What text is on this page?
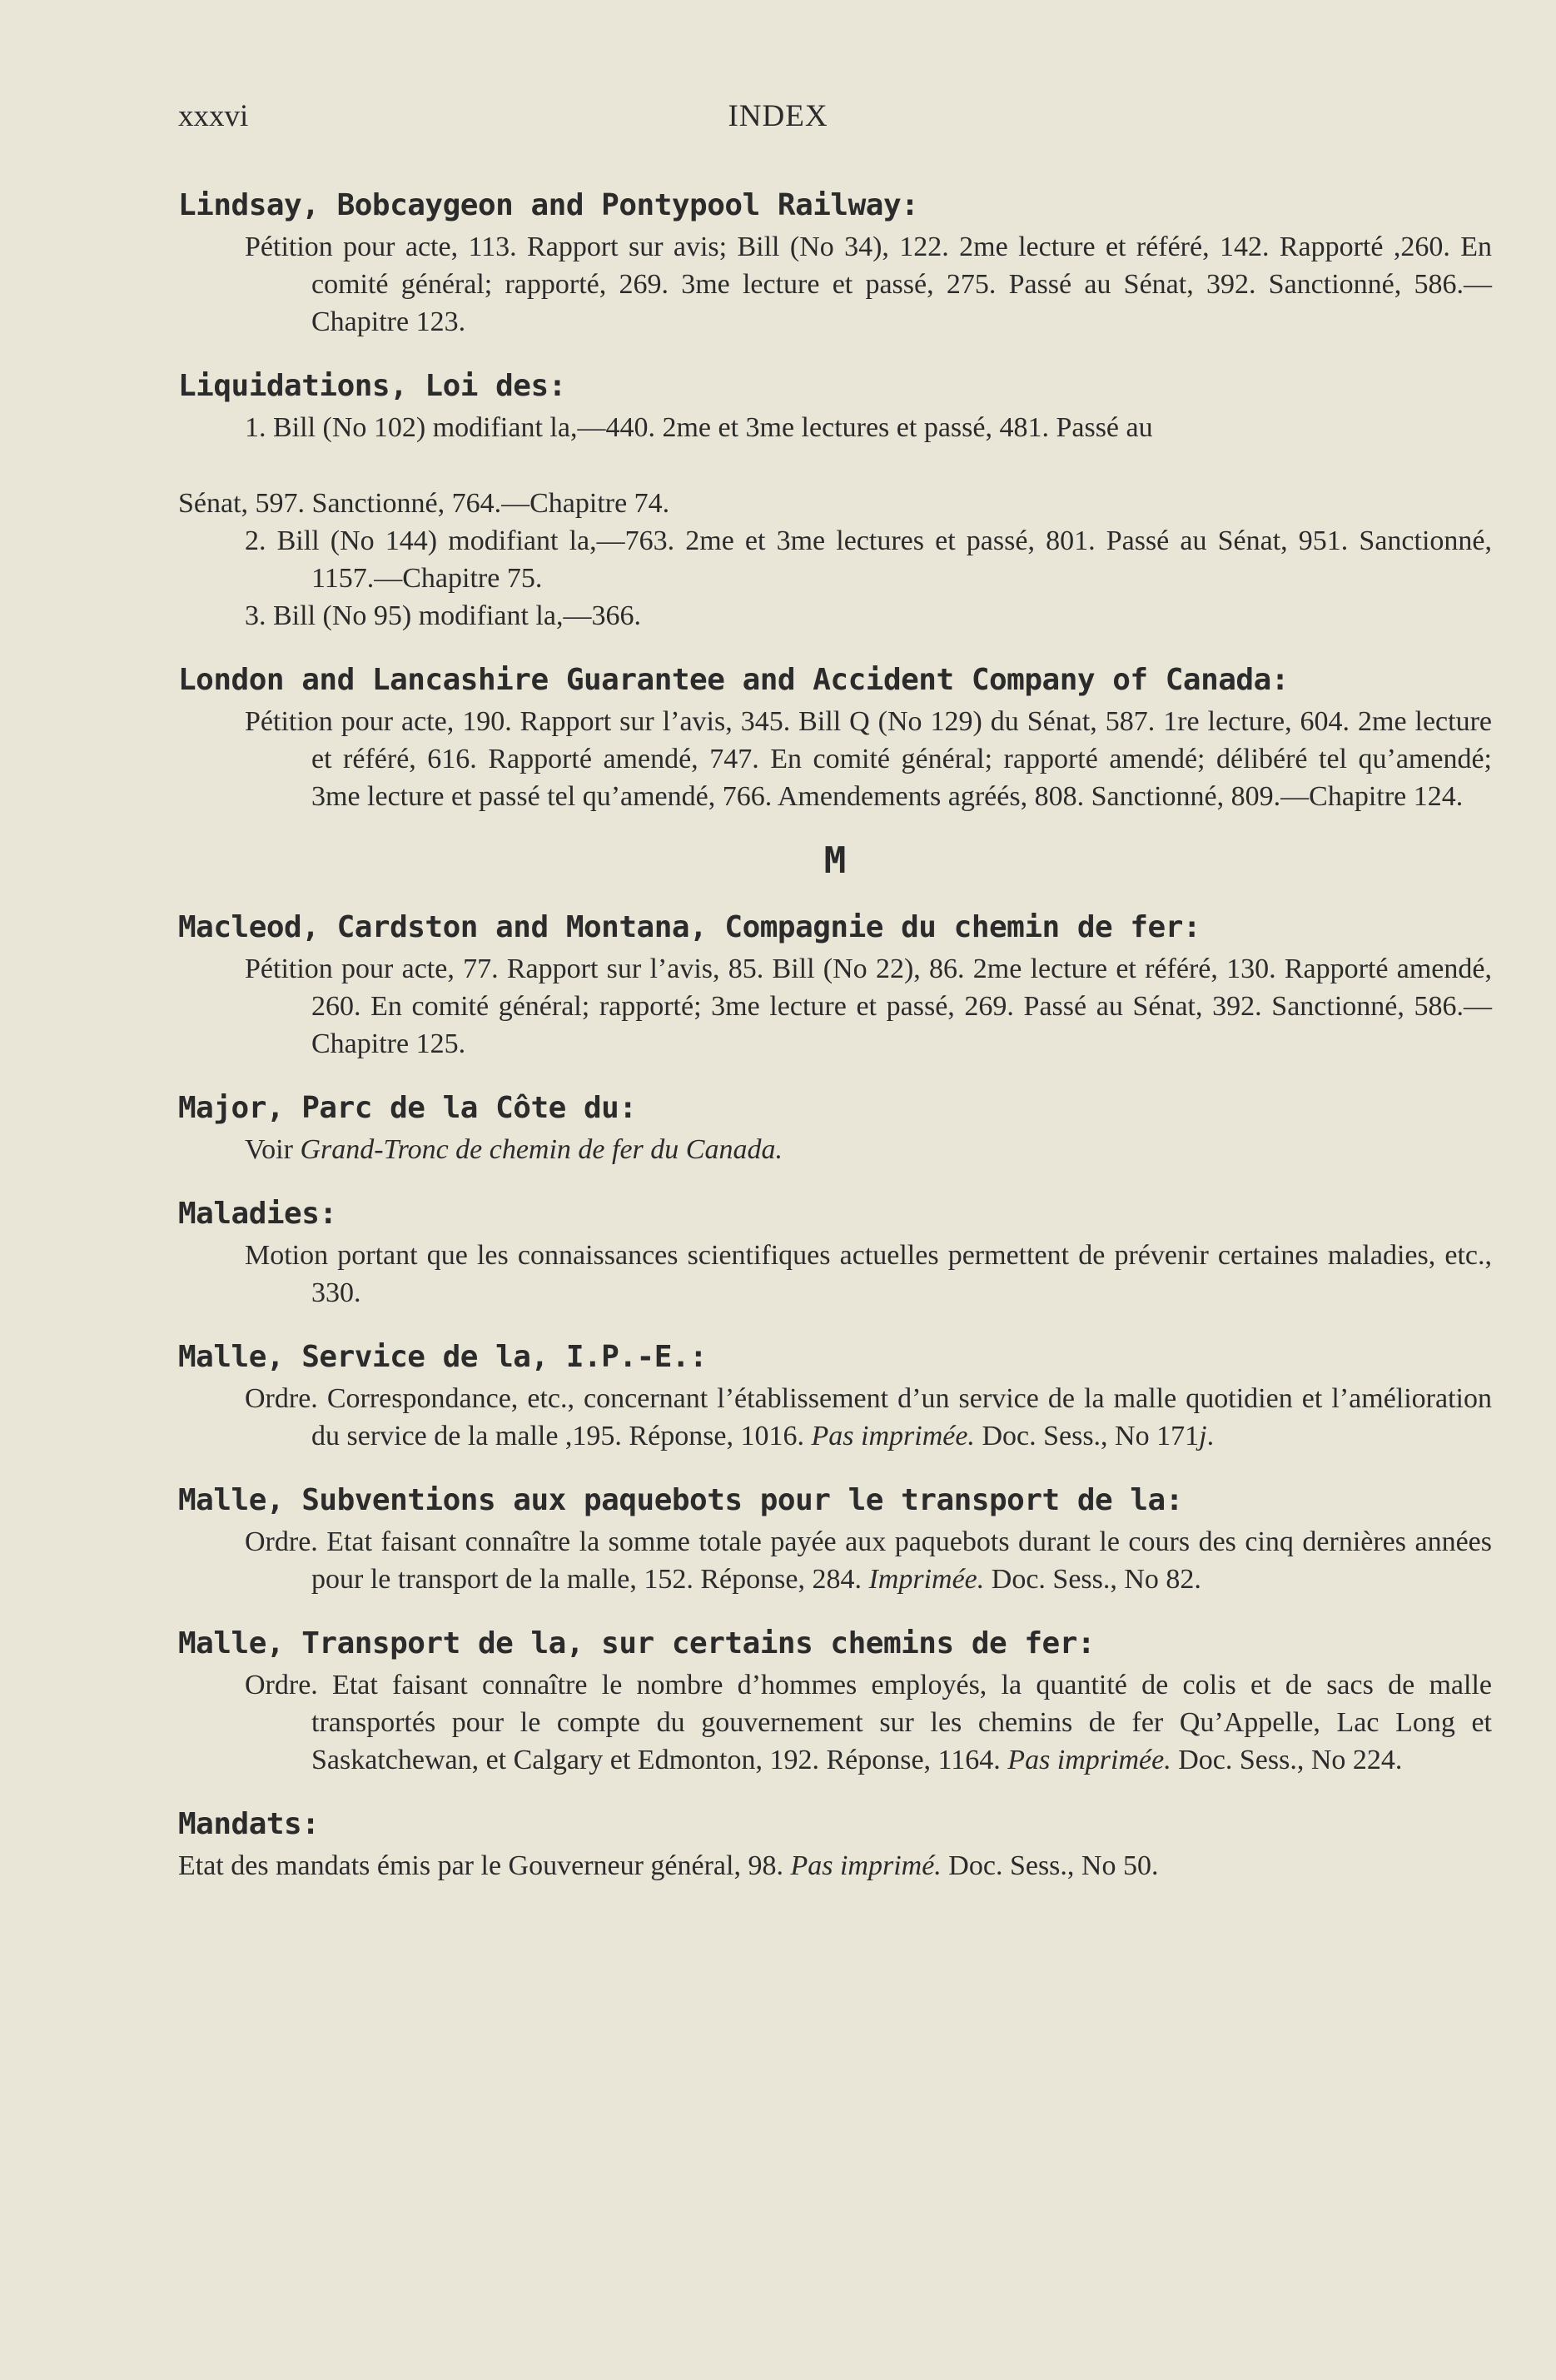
xxxvi	INDEX
Lindsay, Bobcaygeon and Pontypool Railway:

Pétition pour acte, 113. Rapport sur avis; Bill (No 34), 122. 2me lecture et référé, 142. Rapporté ,260. En comité général; rapporté, 269. 3me lecture et passé, 275. Passé au Sénat, 392. Sanctionné, 586.—Chapitre 123.

Liquidations, Loi des:

1. Bill (No 102) modifiant la,—440. 2me et 3me lectures et passé, 481. Passé au

Sénat, 597. Sanctionné, 764.—Chapitre 74.

2. Bill (No 144) modifiant la,—763. 2me et 3me lectures et passé, 801. Passé au Sénat, 951. Sanctionné, 1157.—Chapitre 75.

3. Bill (No 95) modifiant la,—366.

London and Lancashire Guarantee and Accident Company of Canada:

Pétition pour acte, 190. Rapport sur l’avis, 345. Bill Q (No 129) du Sénat, 587. 1re lecture, 604. 2me lecture et référé, 616. Rapporté amendé, 747. En comité général; rapporté amendé; délibéré tel qu’amendé; 3me lecture et passé tel qu’amendé, 766. Amendements agréés, 808. Sanctionné, 809.—Chapitre 124.

M
Macleod, Cardston and Montana, Compagnie du chemin de fer:

Pétition pour acte, 77. Rapport sur l’avis, 85. Bill (No 22), 86. 2me lecture et référé, 130. Rapporté amendé, 260. En comité général; rapporté; 3me lecture et passé, 269. Passé au Sénat, 392. Sanctionné, 586.—Chapitre 125.

Major, Parc de la Côte du:

Voir Grand-Tronc de chemin de fer du Canada.

Maladies:

Motion portant que les connaissances scientifiques actuelles permettent de prévenir certaines maladies, etc., 330.

Malle, Service de la, I.P.-E.:

Ordre. Correspondance, etc., concernant l’établissement d’un service de la malle quotidien et l’amélioration du service de la malle ,195. Réponse, 1016. Pas imprimée. Doc. Sess., No 171j.

Malle, Subventions aux paquebots pour le transport de la:

Ordre. Etat faisant connaître la somme totale payée aux paquebots durant le cours des cinq dernières années pour le transport de la malle, 152. Réponse, 284. Imprimée. Doc. Sess., No 82.

Malle, Transport de la, sur certains chemins de fer:

Ordre. Etat faisant connaître le nombre d’hommes employés, la quantité de colis et de sacs de malle transportés pour le compte du gouvernement sur les chemins de fer Qu’Appelle, Lac Long et Saskatchewan, et Calgary et Edmonton, 192. Réponse, 1164. Pas imprimée. Doc. Sess., No 224.

Mandats:

Etat des mandats émis par le Gouverneur général, 98. Pas imprimé. Doc. Sess., No 50.
